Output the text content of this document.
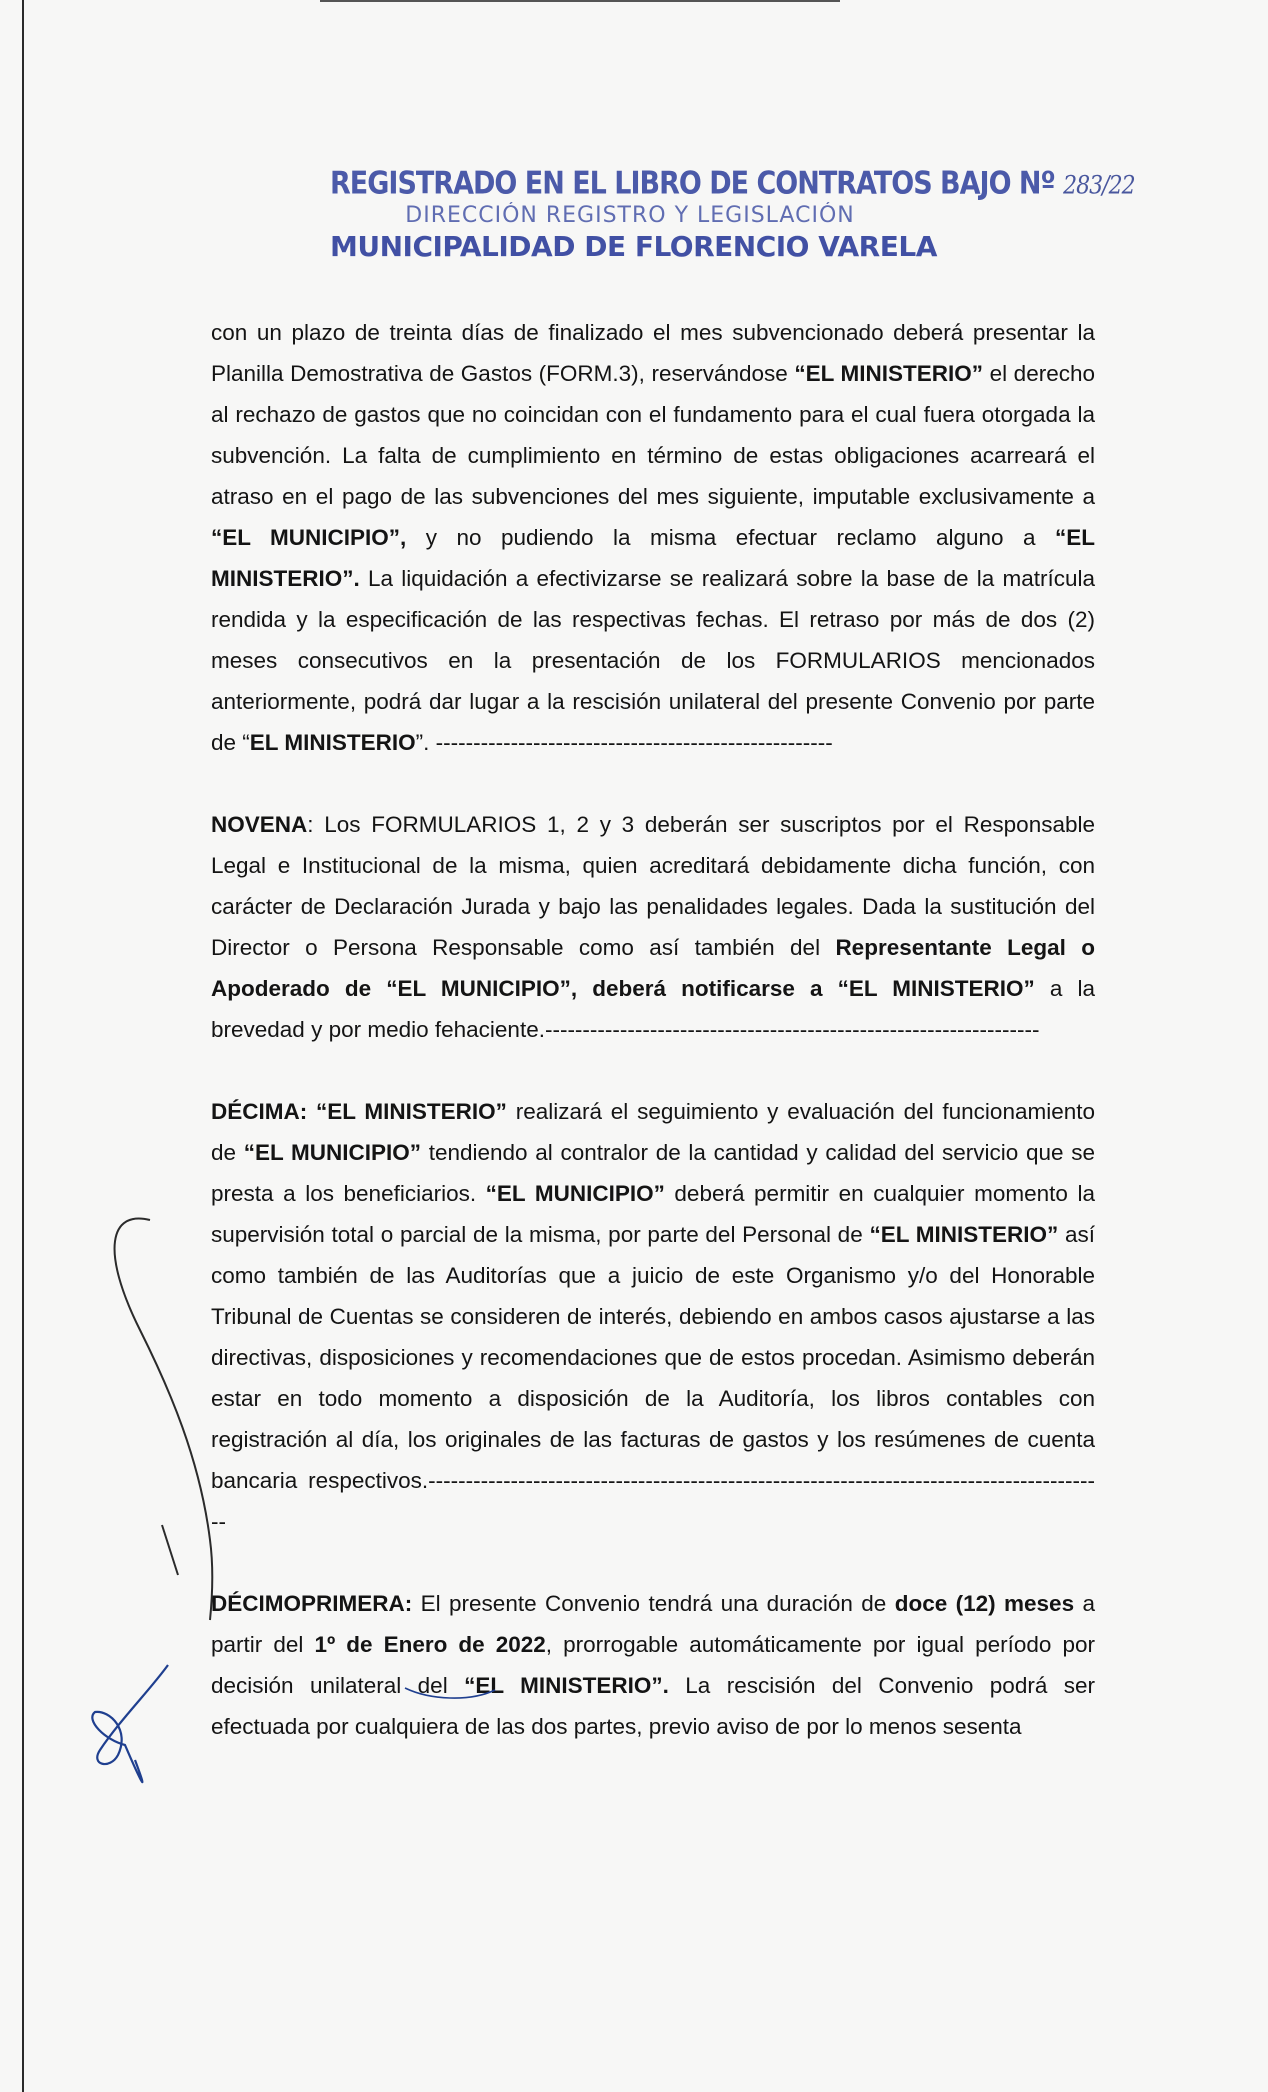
REGISTRADO EN EL LIBRO DE CONTRATOS BAJO Nº 283/22
DIRECCIÓN REGISTRO Y LEGISLACIÓN
MUNICIPALIDAD DE FLORENCIO VARELA

con un plazo de treinta días de finalizado el mes subvencionado deberá presentar la Planilla Demostrativa de Gastos (FORM.3), reservándose “EL MINISTERIO” el derecho al rechazo de gastos que no coincidan con el fundamento para el cual fuera otorgada la subvención. La falta de cumplimiento en término de estas obligaciones acarreará el atraso en el pago de las subvenciones del mes siguiente, imputable exclusivamente a “EL MUNICIPIO”, y no pudiendo la misma efectuar reclamo alguno a “EL MINISTERIO”. La liquidación a efectivizarse se realizará sobre la base de la matrícula rendida y la especificación de las respectivas fechas. El retraso por más de dos (2) meses consecutivos en la presentación de los FORMULARIOS mencionados anteriormente, podrá dar lugar a la rescisión unilateral del presente Convenio por parte de “EL MINISTERIO”. -----------------------------------------------------

NOVENA: Los FORMULARIOS 1, 2 y 3 deberán ser suscriptos por el Responsable Legal e Institucional de la misma, quien acreditará debidamente dicha función, con carácter de Declaración Jurada y bajo las penalidades legales. Dada la sustitución del Director o Persona Responsable como así también del Representante Legal o Apoderado de “EL MUNICIPIO”, deberá notificarse a “EL MINISTERIO” a la brevedad y por medio fehaciente.------------------------------------------------------------------

DÉCIMA: “EL MINISTERIO” realizará el seguimiento y evaluación del funcionamiento de “EL MUNICIPIO” tendiendo al contralor de la cantidad y calidad del servicio que se presta a los beneficiarios. “EL MUNICIPIO” deberá permitir en cualquier momento la supervisión total o parcial de la misma, por parte del Personal de “EL MINISTERIO” así como también de las Auditorías que a juicio de este Organismo y/o del Honorable Tribunal de Cuentas se consideren de interés, debiendo en ambos casos ajustarse a las directivas, disposiciones y recomendaciones que de estos procedan. Asimismo deberán estar en todo momento a disposición de la Auditoría, los libros contables con registración al día, los originales de las facturas de gastos y los resúmenes de cuenta bancaria respectivos.-------------------------------------------------------------------------------------------

DÉCIMOPRIMERA: El presente Convenio tendrá una duración de doce (12) meses a partir del 1º de Enero de 2022, prorrogable automáticamente por igual período por decisión unilateral del “EL MINISTERIO”. La rescisión del Convenio podrá ser efectuada por cualquiera de las dos partes, previo aviso de por lo menos sesenta
